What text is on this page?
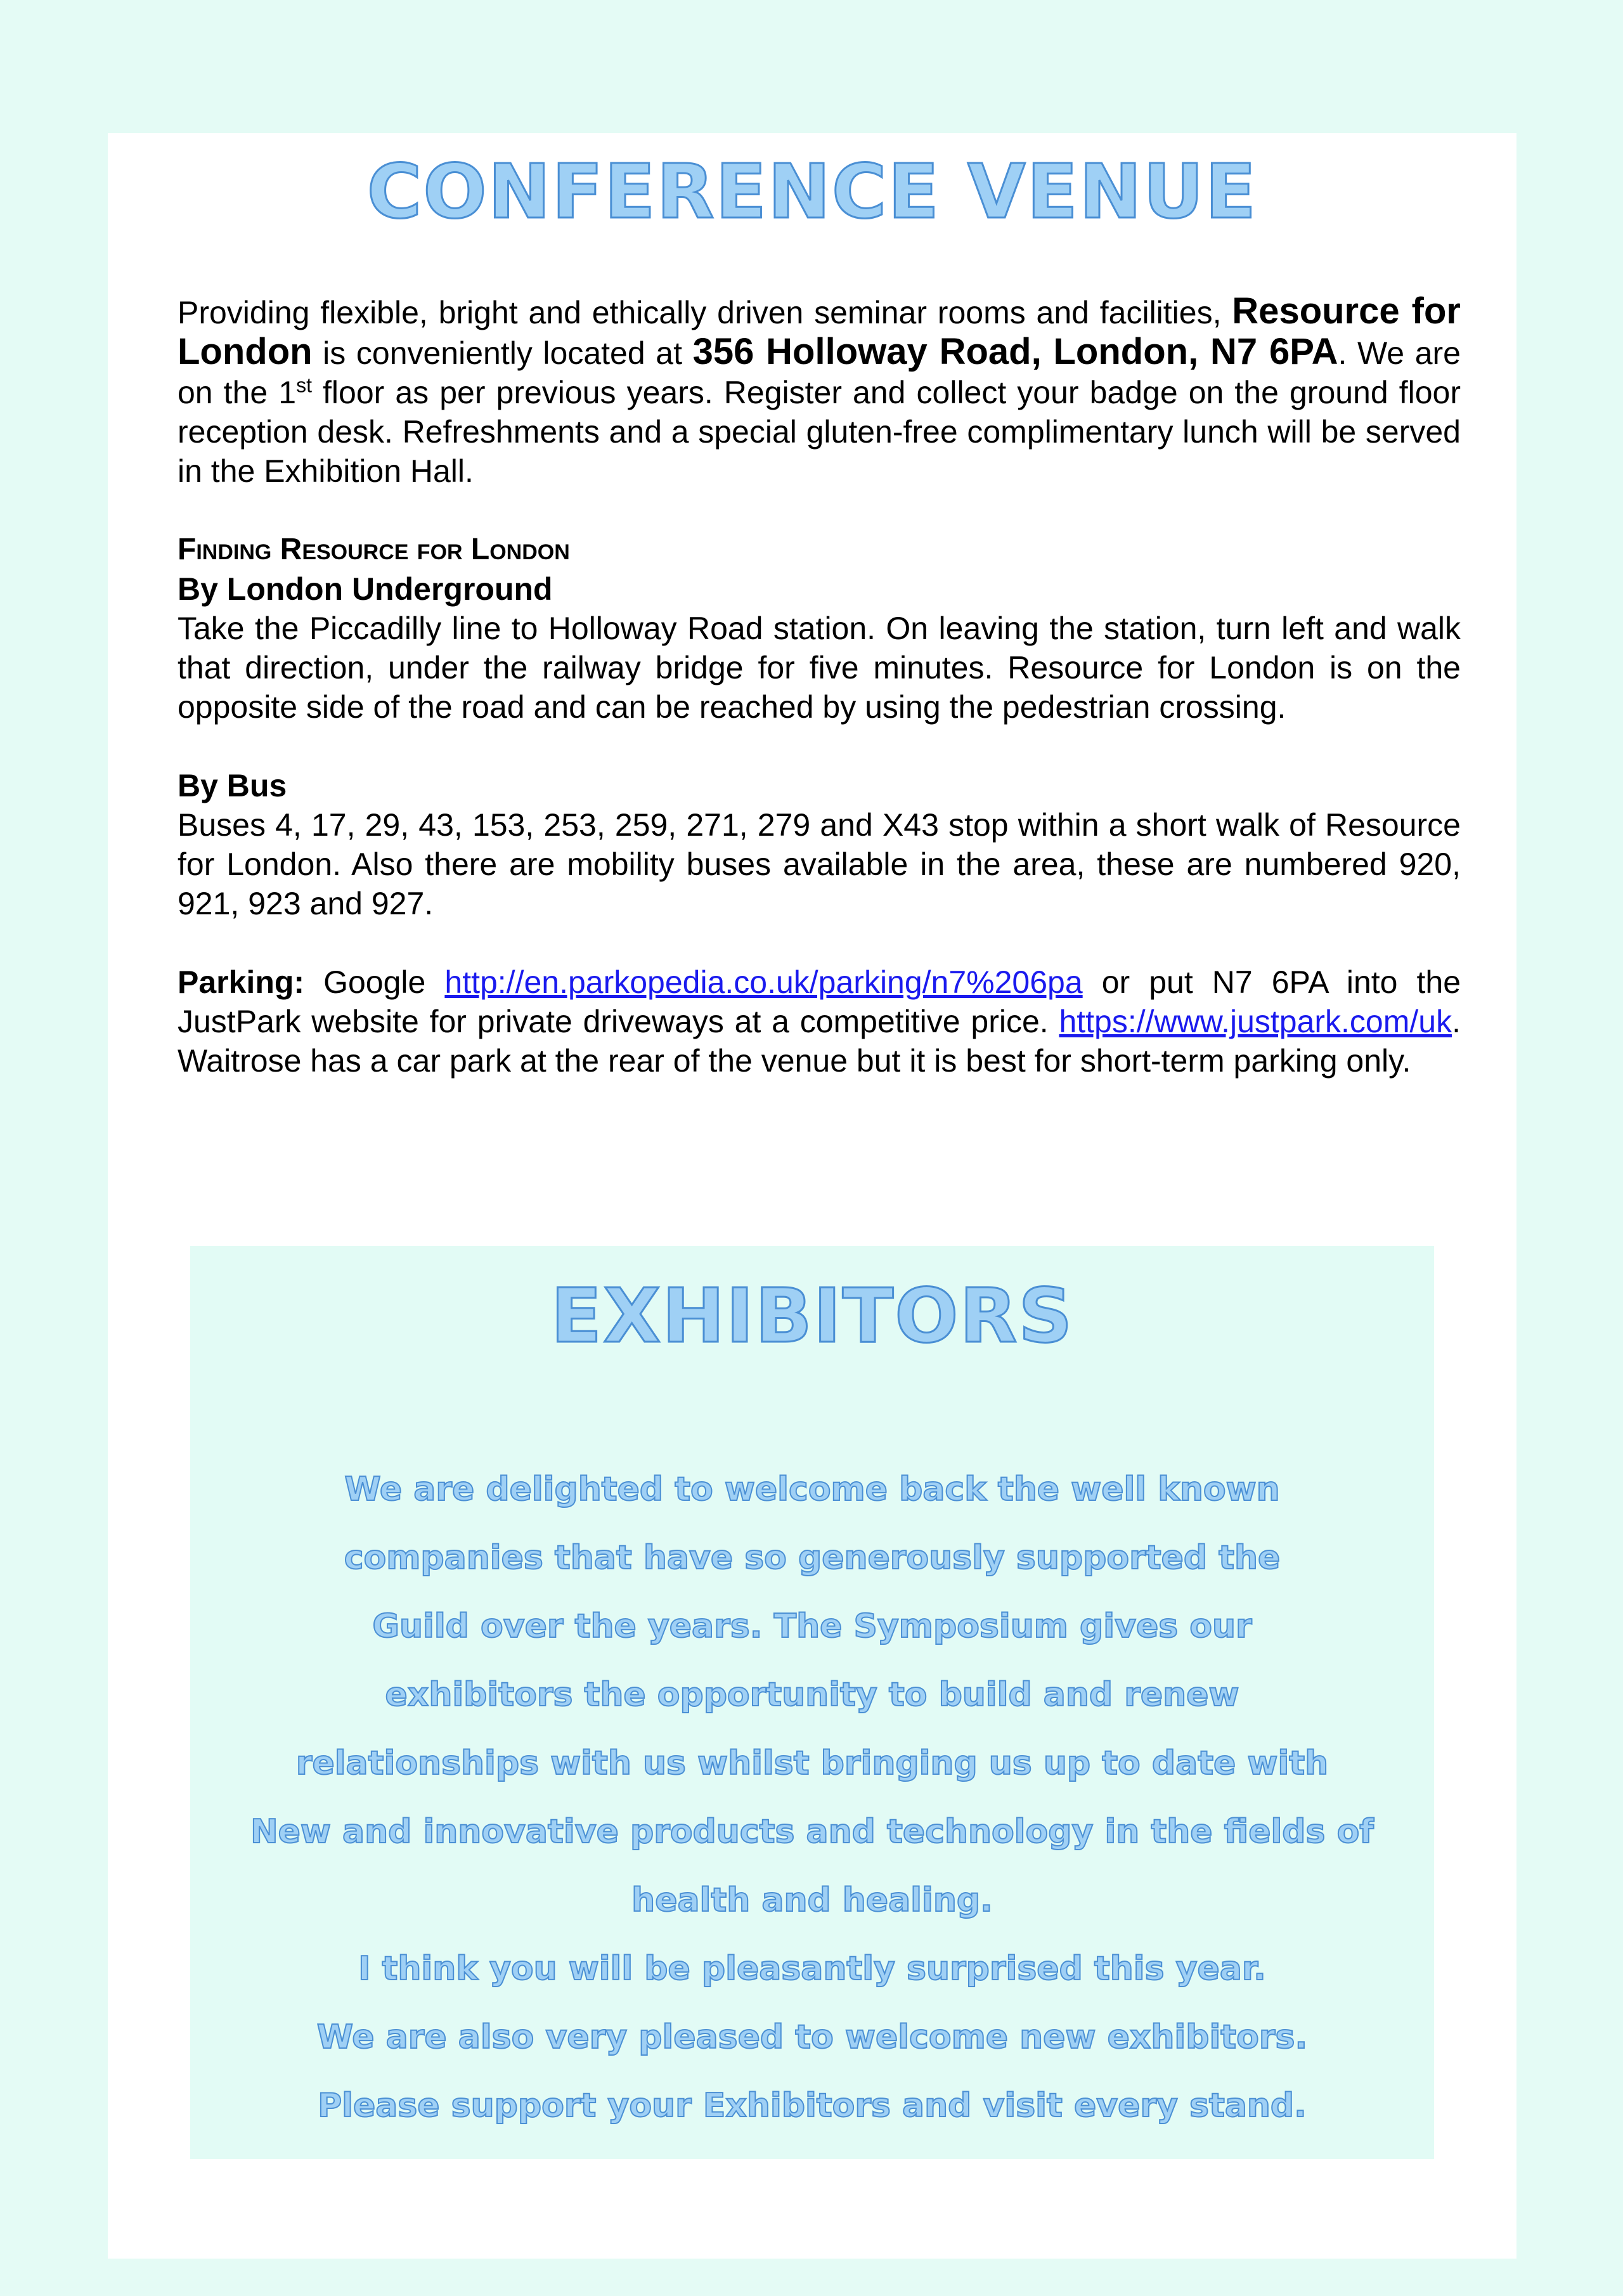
CONFERENCE VENUE

Providing flexible, bright and ethically driven seminar rooms and facilities, Resource for London is conveniently located at 356 Holloway Road, London, N7 6PA. We are on the 1st floor as per previous years. Register and collect your badge on the ground floor reception desk. Refreshments and a special gluten-free complimentary lunch will be served in the Exhibition Hall.

Finding Resource for London
By London Underground

Take the Piccadilly line to Holloway Road station. On leaving the station, turn left and walk that direction, under the railway bridge for five minutes. Resource for London is on the opposite side of the road and can be reached by using the pedestrian crossing.

By Bus

Buses 4, 17, 29, 43, 153, 253, 259, 271, 279 and X43 stop within a short walk of Resource for London. Also there are mobility buses available in the area, these are numbered 920, 921, 923 and 927.

Parking: Google http://en.parkopedia.co.uk/parking/n7%206pa or put N7 6PA into the JustPark website for private driveways at a competitive price. https://www.justpark.com/uk. Waitrose has a car park at the rear of the venue but it is best for short-term parking only.

EXHIBITORS
We are delighted to welcome back the well known
companies that have so generously supported the
Guild over the years. The Symposium gives our
exhibitors the opportunity to build and renew
relationships with us whilst bringing us up to date with
New and innovative products and technology in the fields of
health and healing.
I think you will be pleasantly surprised this year.
We are also very pleased to welcome new exhibitors.
Please support your Exhibitors and visit every stand.
